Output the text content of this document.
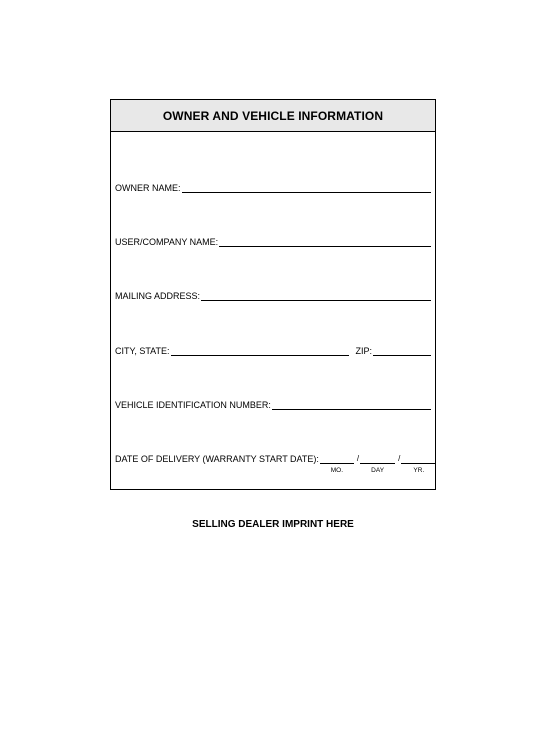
OWNER AND VEHICLE INFORMATION
OWNER NAME:
USER/COMPANY NAME:
MAILING ADDRESS:
CITY, STATE:	ZIP:
VEHICLE IDENTIFICATION NUMBER:
DATE OF DELIVERY (WARRANTY START DATE):
MO.
/
DAY
/
YR.
SELLING DEALER IMPRINT HERE
